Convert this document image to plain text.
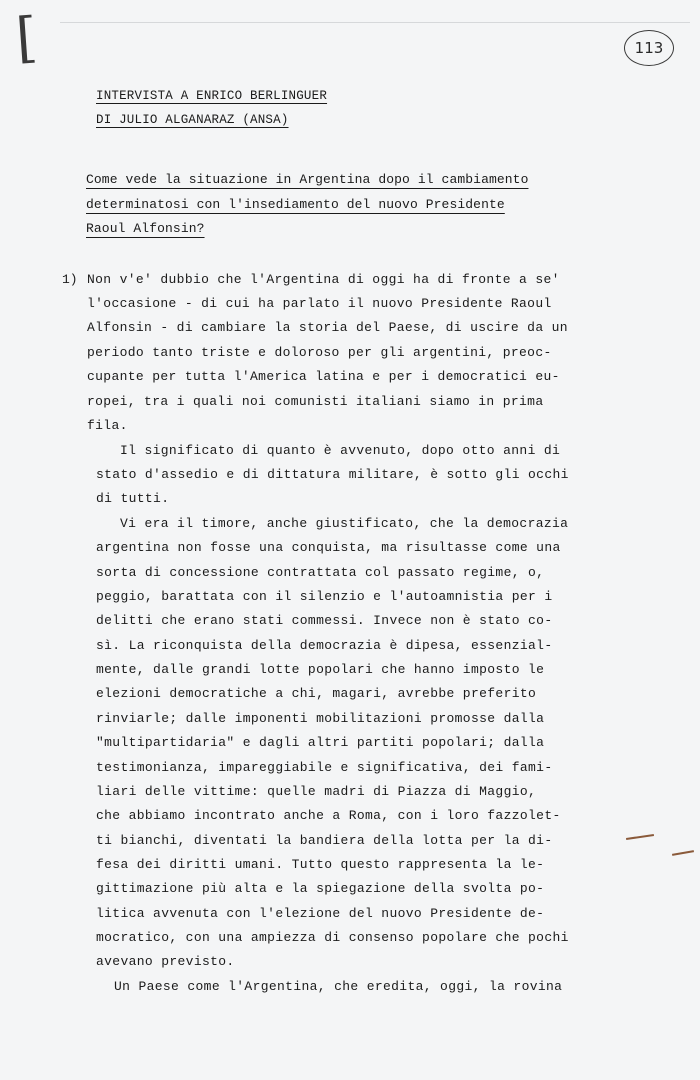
[	113
INTERVISTA A ENRICO BERLINGUER
DI JULIO ALGANARAZ (ANSA)
Come vede la situazione in Argentina dopo il cambiamento
determinatosi con l'insediamento del nuovo Presidente
Raoul Alfonsin?
1) Non v'e' dubbio che l'Argentina di oggi ha di fronte a se'
l'occasione - di cui ha parlato il nuovo Presidente Raoul
Alfonsin - di cambiare la storia del Paese, di uscire da un
periodo tanto triste e doloroso per gli argentini, preoc-
cupante per tutta l'America latina e per i democratici eu-
ropei, tra i quali noi comunisti italiani siamo in prima
fila.
Il significato di quanto è avvenuto, dopo otto anni di
stato d'assedio e di dittatura militare, è sotto gli occhi
di tutti.
Vi era il timore, anche giustificato, che la democrazia
argentina non fosse una conquista, ma risultasse come una
sorta di concessione contrattata col passato regime, o,
peggio, barattata con il silenzio e l'autoamnistia per i
delitti che erano stati commessi. Invece non è stato co-
sì. La riconquista della democrazia è dipesa, essenzial-
mente, dalle grandi lotte popolari che hanno imposto le
elezioni democratiche a chi, magari, avrebbe preferito
rinviarle; dalle imponenti mobilitazioni promosse dalla
"multipartidaria" e dagli altri partiti popolari; dalla
testimonianza, impareggiabile e significativa, dei fami-
liari delle vittime: quelle madri di Piazza di Maggio,
che abbiamo incontrato anche a Roma, con i loro fazzolet-
ti bianchi, diventati la bandiera della lotta per la di-
fesa dei diritti umani. Tutto questo rappresenta la le-
gittimazione più alta e la spiegazione della svolta po-
litica avvenuta con l'elezione del nuovo Presidente de-
mocratico, con una ampiezza di consenso popolare che pochi
avevano previsto.
Un Paese come l'Argentina, che eredita, oggi, la rovina
